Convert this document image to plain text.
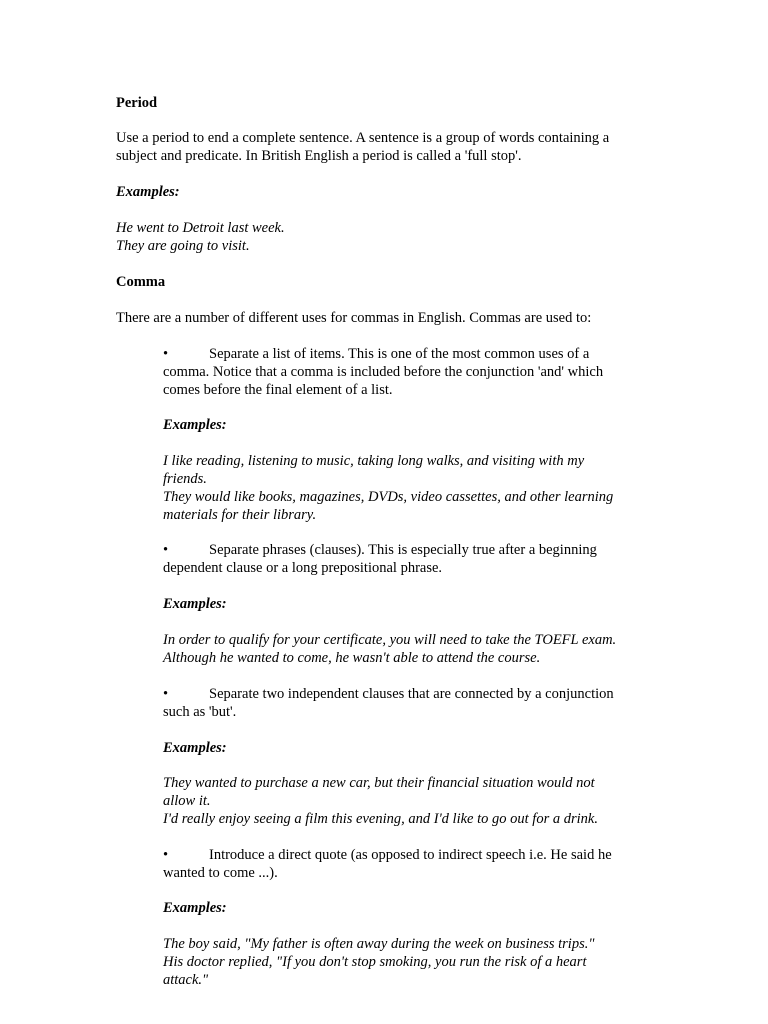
Period
Use a period to end a complete sentence. A sentence is a group of words containing a
subject and predicate. In British English a period is called a 'full stop'.
Examples:
He went to Detroit last week.
They are going to visit.
Comma
There are a number of different uses for commas in English. Commas are used to:
•	Separate a list of items. This is one of the most common uses of a
comma. Notice that a comma is included before the conjunction 'and' which
comes before the final element of a list.
Examples:
I like reading, listening to music, taking long walks, and visiting with my
friends.
They would like books, magazines, DVDs, video cassettes, and other learning
materials for their library.
•	Separate phrases (clauses). This is especially true after a beginning
dependent clause or a long prepositional phrase.
Examples:
In order to qualify for your certificate, you will need to take the TOEFL exam.
Although he wanted to come, he wasn't able to attend the course.
•	Separate two independent clauses that are connected by a conjunction
such as 'but'.
Examples:
They wanted to purchase a new car, but their financial situation would not
allow it.
I'd really enjoy seeing a film this evening, and I'd like to go out for a drink.
•	Introduce a direct quote (as opposed to indirect speech i.e. He said he
wanted to come ...).
Examples:
The boy said, "My father is often away during the week on business trips."
His doctor replied, "If you don't stop smoking, you run the risk of a heart
attack."
